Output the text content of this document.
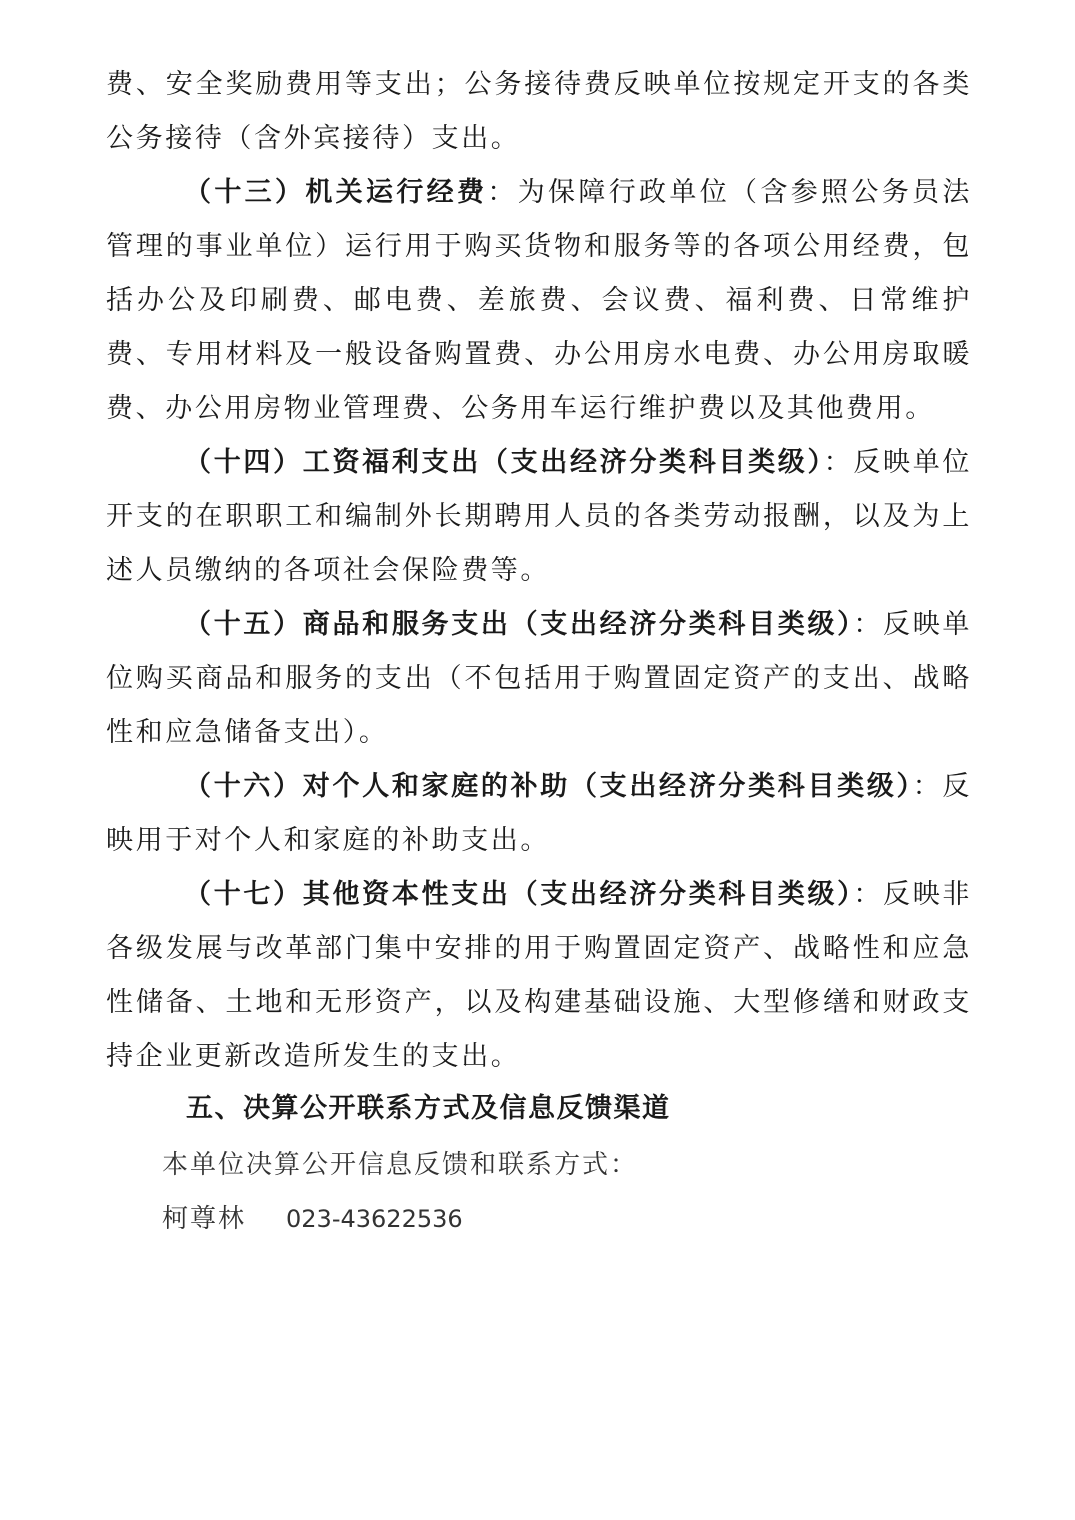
费、安全奖励费用等支出；公务接待费反映单位按规定开支的各类公务接待（含外宾接待）支出。

（十三）机关运行经费：为保障行政单位（含参照公务员法管理的事业单位）运行用于购买货物和服务等的各项公用经费，包括办公及印刷费、邮电费、差旅费、会议费、福利费、日常维护费、专用材料及一般设备购置费、办公用房水电费、办公用房取暖费、办公用房物业管理费、公务用车运行维护费以及其他费用。

（十四）工资福利支出（支出经济分类科目类级）：反映单位开支的在职职工和编制外长期聘用人员的各类劳动报酬，以及为上述人员缴纳的各项社会保险费等。

（十五）商品和服务支出（支出经济分类科目类级）：反映单位购买商品和服务的支出（不包括用于购置固定资产的支出、战略性和应急储备支出）。

（十六）对个人和家庭的补助（支出经济分类科目类级）：反映用于对个人和家庭的补助支出。

（十七）其他资本性支出（支出经济分类科目类级）：反映非各级发展与改革部门集中安排的用于购置固定资产、战略性和应急性储备、土地和无形资产，以及构建基础设施、大型修缮和财政支持企业更新改造所发生的支出。

五、决算公开联系方式及信息反馈渠道

本单位决算公开信息反馈和联系方式：

柯尊林 023-43622536
